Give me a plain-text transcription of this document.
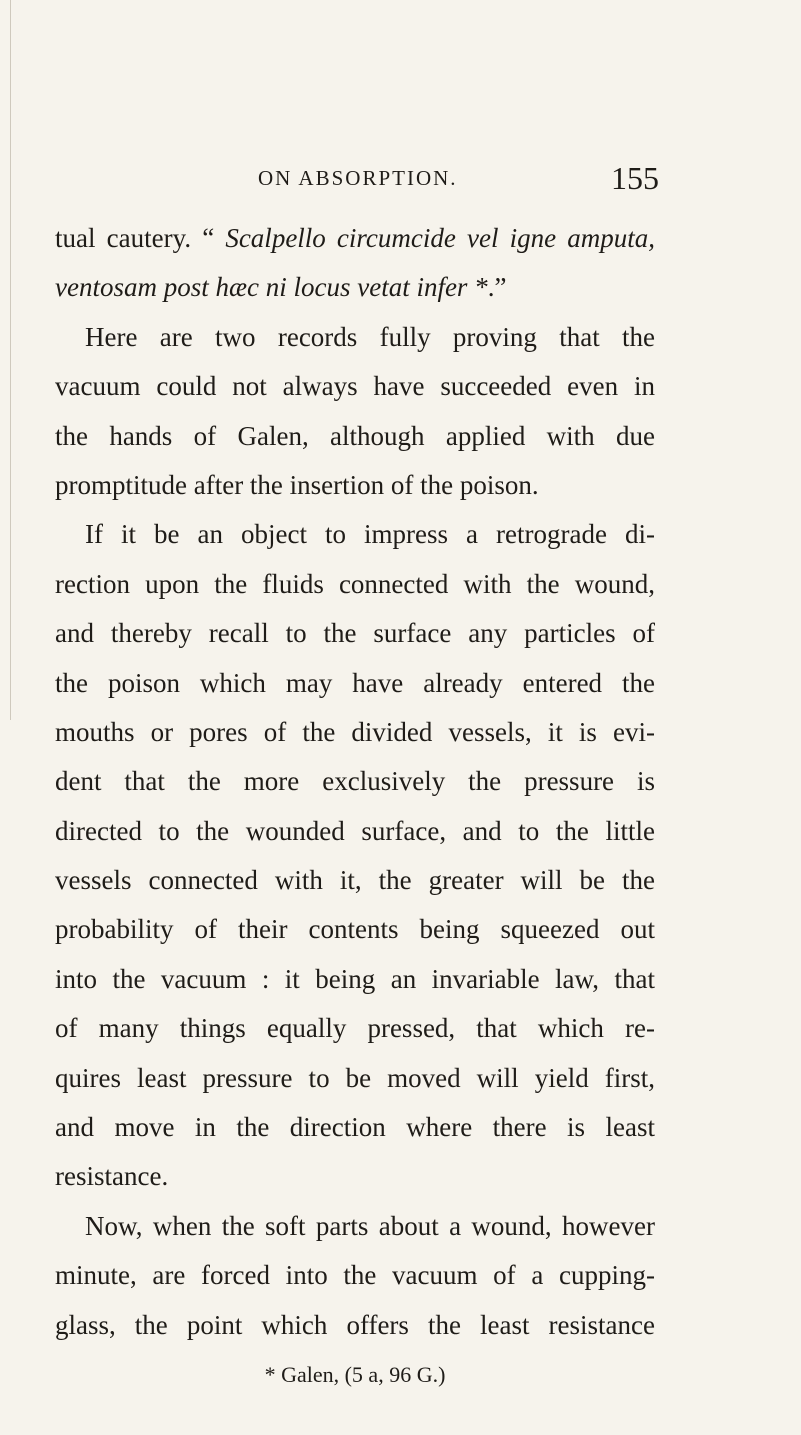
ON ABSORPTION.	155
tual cautery. “ Scalpello circumcide vel igne amputa,
ventosam post hæc ni locus vetat infer *.”
Here are two records fully proving that the
vacuum could not always have succeeded even in
the hands of Galen, although applied with due
promptitude after the insertion of the poison.
If it be an object to impress a retrograde di-
rection upon the fluids connected with the wound,
and thereby recall to the surface any particles of
the poison which may have already entered the
mouths or pores of the divided vessels, it is evi-
dent that the more exclusively the pressure is
directed to the wounded surface, and to the little
vessels connected with it, the greater will be the
probability of their contents being squeezed out
into the vacuum : it being an invariable law, that
of many things equally pressed, that which re-
quires least pressure to be moved will yield first,
and move in the direction where there is least
resistance.
Now, when the soft parts about a wound, however
minute, are forced into the vacuum of a cupping-
glass, the point which offers the least resistance
* Galen, (5 a, 96 G.)
